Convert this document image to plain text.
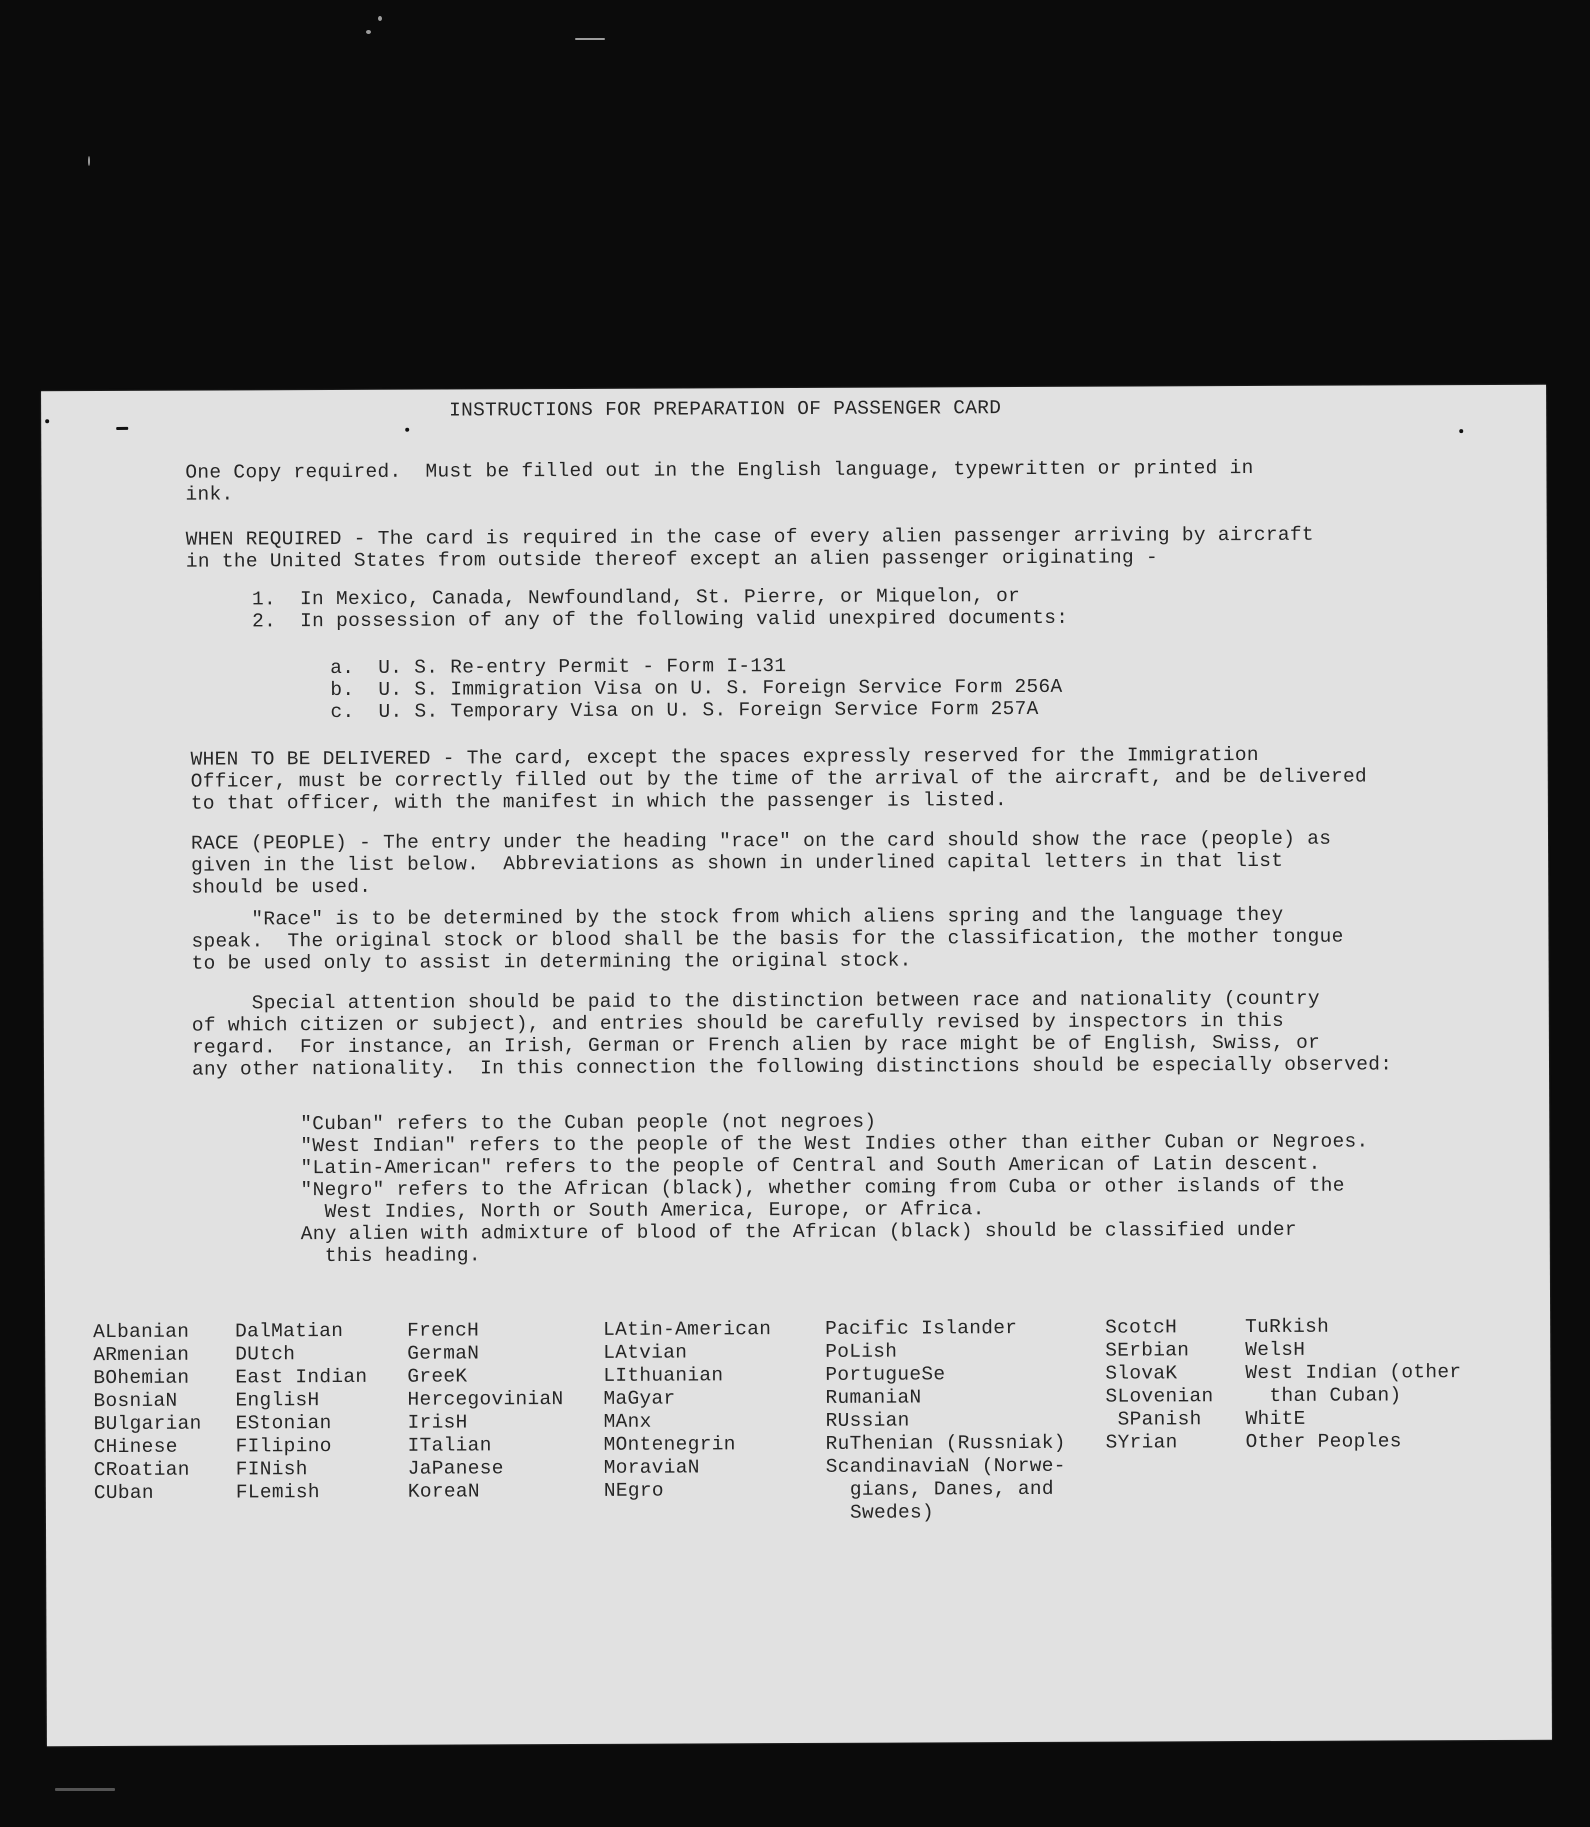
INSTRUCTIONS FOR PREPARATION OF PASSENGER CARD
One Copy required.  Must be filled out in the English language, typewritten or printed in
ink.
WHEN REQUIRED - The card is required in the case of every alien passenger arriving by aircraft
in the United States from outside thereof except an alien passenger originating -
1.  In Mexico, Canada, Newfoundland, St. Pierre, or Miquelon, or
2.  In possession of any of the following valid unexpired documents:
a.  U. S. Re-entry Permit - Form I-131
b.  U. S. Immigration Visa on U. S. Foreign Service Form 256A
c.  U. S. Temporary Visa on U. S. Foreign Service Form 257A
WHEN TO BE DELIVERED - The card, except the spaces expressly reserved for the Immigration
Officer, must be correctly filled out by the time of the arrival of the aircraft, and be delivered
to that officer, with the manifest in which the passenger is listed.
RACE (PEOPLE) - The entry under the heading "race" on the card should show the race (people) as
given in the list below.  Abbreviations as shown in underlined capital letters in that list
should be used.
"Race" is to be determined by the stock from which aliens spring and the language they
speak.  The original stock or blood shall be the basis for the classification, the mother tongue
to be used only to assist in determining the original stock.
Special attention should be paid to the distinction between race and nationality (country
of which citizen or subject), and entries should be carefully revised by inspectors in this
regard.  For instance, an Irish, German or French alien by race might be of English, Swiss, or
any other nationality.  In this connection the following distinctions should be especially observed:
"Cuban" refers to the Cuban people (not negroes)
"West Indian" refers to the people of the West Indies other than either Cuban or Negroes.
"Latin-American" refers to the people of Central and South American of Latin descent.
"Negro" refers to the African (black), whether coming from Cuba or other islands of the
West Indies, North or South America, Europe, or Africa.
Any alien with admixture of blood of the African (black) should be classified under
this heading.
ALbanian
ARmenian
BOhemian
BosniaN
BUlgarian
CHinese
CRoatian
CUban
DalMatian
DUtch
East Indian
EnglisH
EStonian
FIlipino
FINish
FLemish
FrencH
GermaN
GreeK
HercegoviniaN
IrisH
ITalian
JaPanese
KoreaN
LAtin-American
LAtvian
LIthuanian
MaGyar
MAnx
MOntenegrin
MoraviaN
NEgro
Pacific Islander
PoLish
PortugueSe
RumaniaN
RUssian
RuThenian (Russniak)
ScandinaviaN (Norwe-
gians, Danes, and
Swedes)
ScotcH
SErbian
SlovaK
SLovenian
SPanish
SYrian
TuRkish
WelsH
West Indian (other
than Cuban)
WhitE
Other Peoples
